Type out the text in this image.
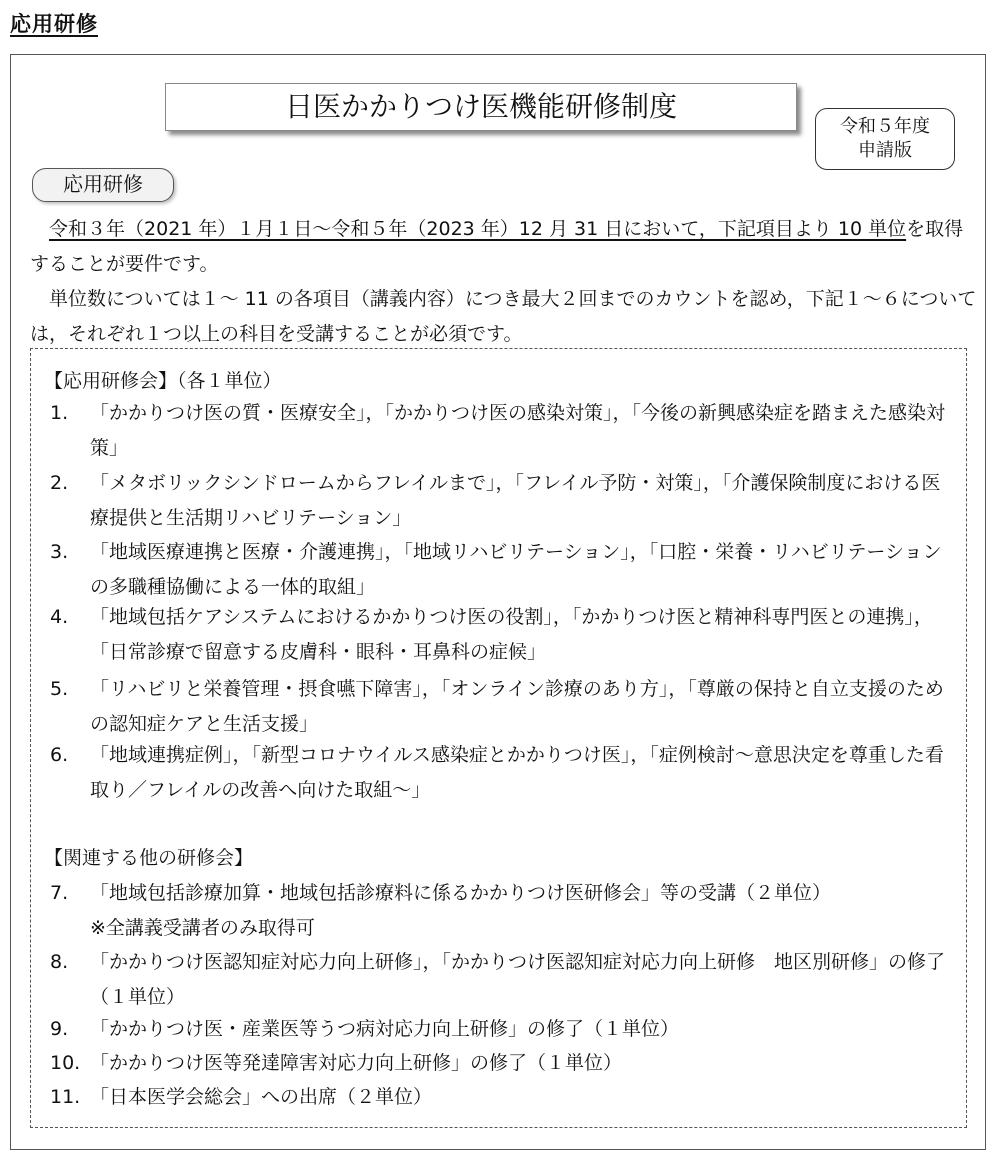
応用研修
日医かかりつけ医機能研修制度
令和５年度
申請版
応用研修

　令和３年（2021 年）１月１日〜令和５年（2023 年）12 月 31 日において，下記項目より 10 単位を取得することが要件です。

　単位数については１〜 11 の各項目（講義内容）につき最大２回までのカウントを認め，下記１〜６については，それぞれ１つ以上の科目を受講することが必須です。

【応用研修会】（各１単位）
1.	「かかりつけ医の質・医療安全」，「かかりつけ医の感染対策」，「今後の新興感染症を踏まえた感染対策」
2.	「メタボリックシンドロームからフレイルまで」，「フレイル予防・対策」，「介護保険制度における医療提供と生活期リハビリテーション」
3.	「地域医療連携と医療・介護連携」，「地域リハビリテーション」，「口腔・栄養・リハビリテーションの多職種協働による一体的取組」
4.	「地域包括ケアシステムにおけるかかりつけ医の役割」，「かかりつけ医と精神科専門医との連携」，「日常診療で留意する皮膚科・眼科・耳鼻科の症候」
5.	「リハビリと栄養管理・摂食嚥下障害」，「オンライン診療のあり方」，「尊厳の保持と自立支援のための認知症ケアと生活支援」
6.	「地域連携症例」，「新型コロナウイルス感染症とかかりつけ医」，「症例検討〜意思決定を尊重した看取り／フレイルの改善へ向けた取組〜」
【関連する他の研修会】
7.	「地域包括診療加算・地域包括診療料に係るかかりつけ医研修会」等の受講（２単位）
※全講義受講者のみ取得可
8.	「かかりつけ医認知症対応力向上研修」，「かかりつけ医認知症対応力向上研修　地区別研修」の修了（１単位）
9.	「かかりつけ医・産業医等うつ病対応力向上研修」の修了（１単位）
10. 「かかりつけ医等発達障害対応力向上研修」の修了（１単位）
11. 「日本医学会総会」への出席（２単位）
